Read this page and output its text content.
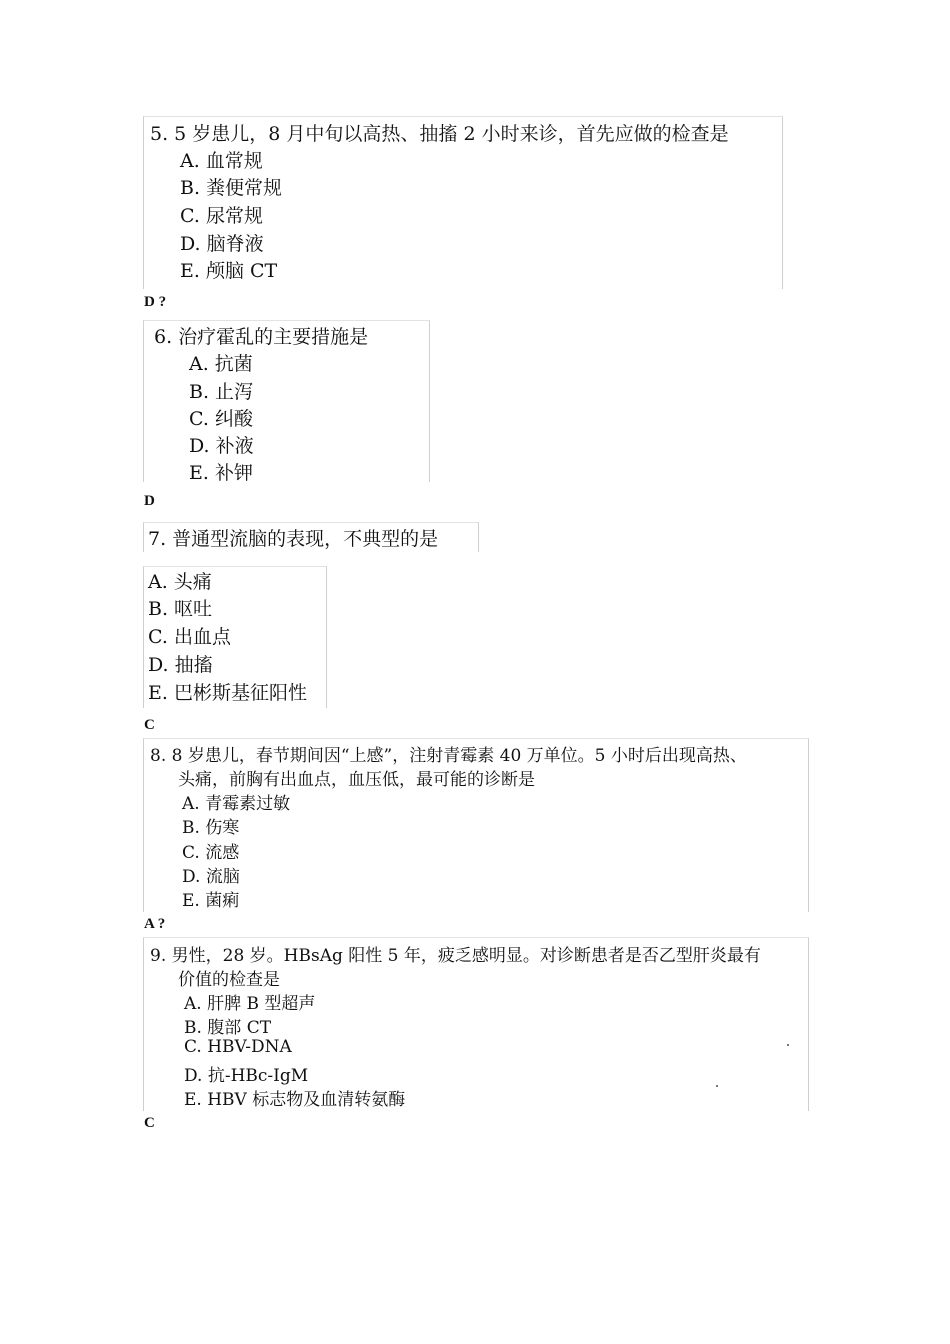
5. 5 岁患儿，8 月中旬以高热、抽搐 2 小时来诊，首先应做的检查是
A. 血常规
B. 粪便常规
C. 尿常规
D. 脑脊液
E. 颅脑 CT
D ?
6. 治疗霍乱的主要措施是
A. 抗菌
B. 止泻
C. 纠酸
D. 补液
E. 补钾
D
7. 普通型流脑的表现，不典型的是
A. 头痛
B. 呕吐
C. 出血点
D. 抽搐
E. 巴彬斯基征阳性
C
8. 8 岁患儿，春节期间因“上感”，注射青霉素 40 万单位。5 小时后出现高热、
头痛，前胸有出血点，血压低，最可能的诊断是
A. 青霉素过敏
B. 伤寒
C. 流感
D. 流脑
E. 菌痢
A ?
9. 男性，28 岁。HBsAg 阳性 5 年，疲乏感明显。对诊断患者是否乙型肝炎最有
价值的检查是
A. 肝脾 B 型超声
B. 腹部 CT
C. HBV-DNA
D. 抗-HBc-IgM
E. HBV 标志物及血清转氨酶
C
